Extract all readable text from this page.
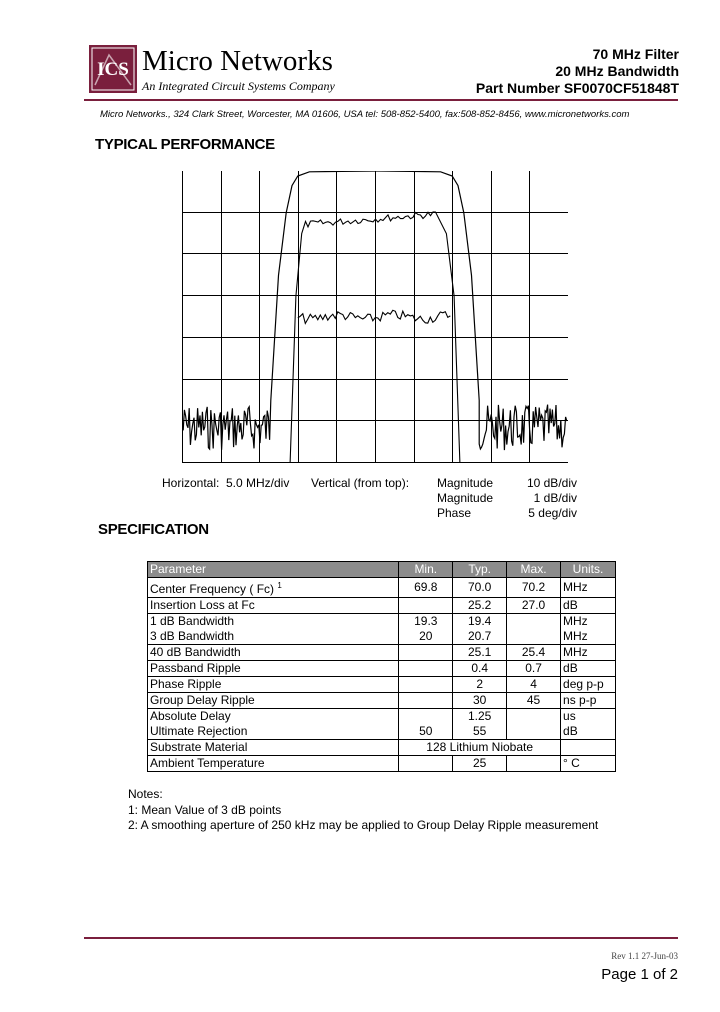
ICS Micro Networks
An Integrated Circuit Systems Company
70 MHz Filter
20 MHz Bandwidth
Part Number SF0070CF51848T
Micro Networks., 324 Clark Street, Worcester, MA 01606, USA tel: 508-852-5400, fax:508-852-8456, www.micronetworks.com
TYPICAL PERFORMANCE
Horizontal: 5.0 MHz/div Vertical (from top): Magnitude	10 dB/div
Magnitude	1 dB/div
Phase	5 deg/div
SPECIFICATION
Parameter	Min.	Typ.	Max.	Units.
Center Frequency ( Fc) $^1$	69.8	70.0	70.2	MHz
Insertion Loss at Fc		25.2	27.0	dB
1 dB Bandwidth	19.3	19.4		MHz
3 dB Bandwidth	20	20.7		MHz
40 dB Bandwidth		25.1	25.4	MHz
Passband Ripple		0.4	0.7	dB
Phase Ripple		2	4	deg p-p
Group Delay Ripple		30	45	ns p-p
Absolute Delay		1.25		us
Ultimate Rejection	50	55		dB
Substrate Material	128 Lithium Niobate			
Ambient Temperature		25		° C
Notes:
1: Mean Value of 3 dB points
2: A smoothing aperture of 250 kHz may be applied to Group Delay Ripple measurement
Rev 1.1 27-Jun-03
Page 1 of 2
